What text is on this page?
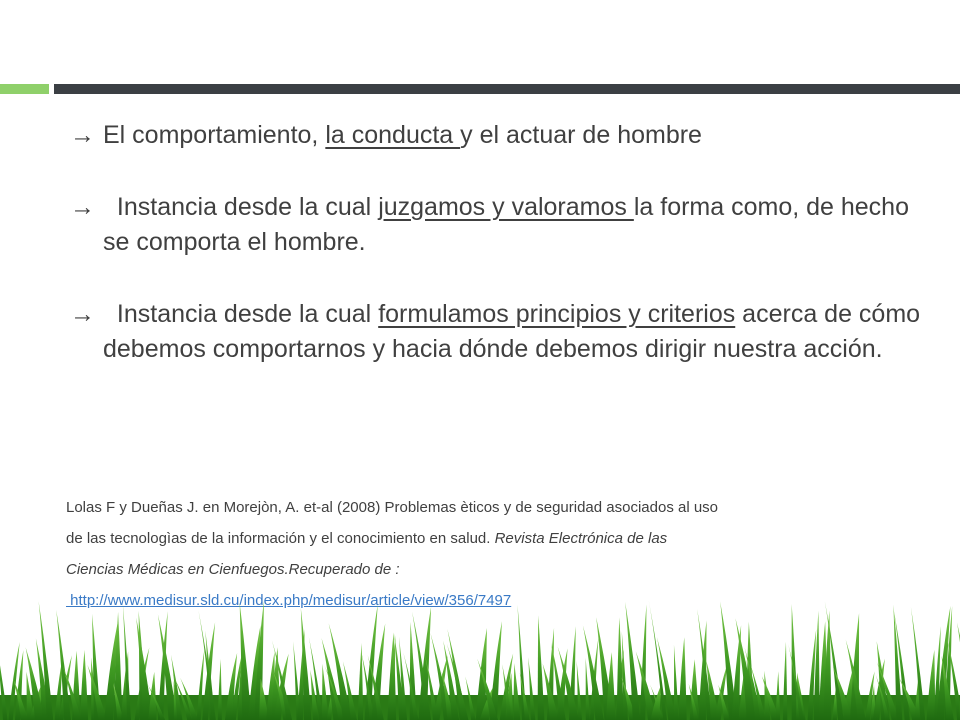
→ El comportamiento, la conducta y el actuar de hombre
→ Instancia desde la cual juzgamos y valoramos la forma como, de hecho se comporta el hombre.
→ Instancia desde la cual formulamos principios y criterios acerca de cómo debemos comportarnos y hacia dónde debemos dirigir nuestra acción.
Lolas F y Dueñas J. en Morejòn, A. et-al (2008) Problemas èticos y de seguridad asociados al uso
de las tecnologìas de la información y el conocimiento en salud. Revista Electrónica de las
Ciencias Médicas en Cienfuegos.Recuperado de :
http://www.medisur.sld.cu/index.php/medisur/article/view/356/7497
